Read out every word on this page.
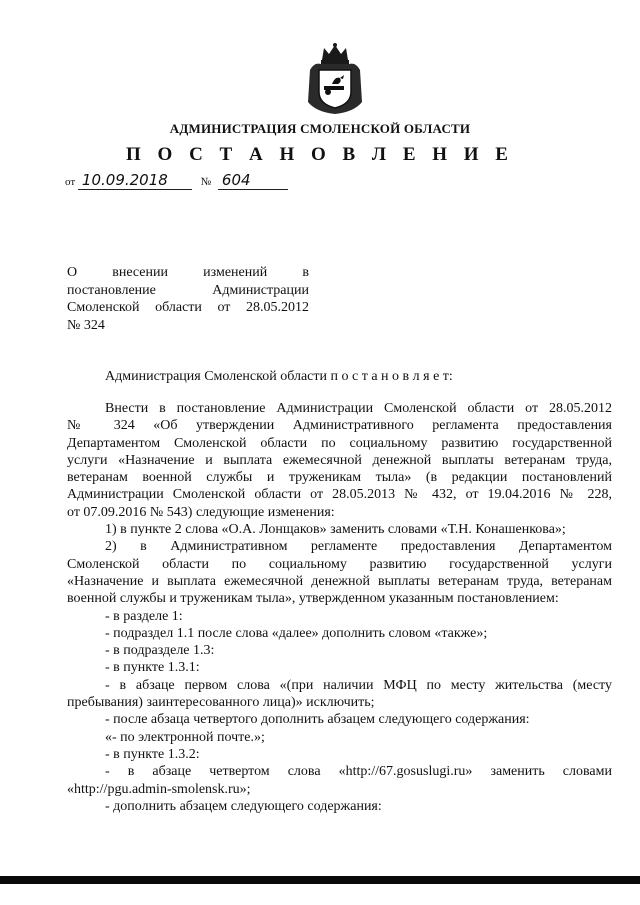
АДМИНИСТРАЦИЯ СМОЛЕНСКОЙ ОБЛАСТИ
П О С Т А Н О В Л Е Н И Е
от 10.09.2018	№ 604
О внесении изменений в
постановление Администрации
Смоленской области от 28.05.2012
№ 324
Администрация Смоленской области п о с т а н о в л я е т:

Внести в постановление Администрации Смоленской области от 28.05.2012

№ 324 «Об утверждении Административного регламента предоставления

Департаментом Смоленской области по социальному развитию государственной

услуги «Назначение и выплата ежемесячной денежной выплаты ветеранам труда,

ветеранам военной службы и труженикам тыла» (в редакции постановлений

Администрации Смоленской области от 28.05.2013 № 432, от 19.04.2016 № 228,

от 07.09.2016 № 543) следующие изменения:

1) в пункте 2 слова «О.А. Лонщаков» заменить словами «Т.Н. Конашенкова»;

2) в Административном регламенте предоставления Департаментом

Смоленской области по социальному развитию государственной услуги

«Назначение и выплата ежемесячной денежной выплаты ветеранам труда, ветеранам

военной службы и труженикам тыла», утвержденном указанным постановлением:

- в разделе 1:

- подраздел 1.1 после слова «далее» дополнить словом «также»;

- в подразделе 1.3:

- в пункте 1.3.1:

- в абзаце первом слова «(при наличии МФЦ по месту жительства (месту

пребывания) заинтересованного лица)» исключить;

- после абзаца четвертого дополнить абзацем следующего содержания:

«- по электронной почте.»;

- в пункте 1.3.2:

- в абзаце четвертом слова «http://67.gosuslugi.ru» заменить словами

«http://pgu.admin-smolensk.ru»;

- дополнить абзацем следующего содержания:
